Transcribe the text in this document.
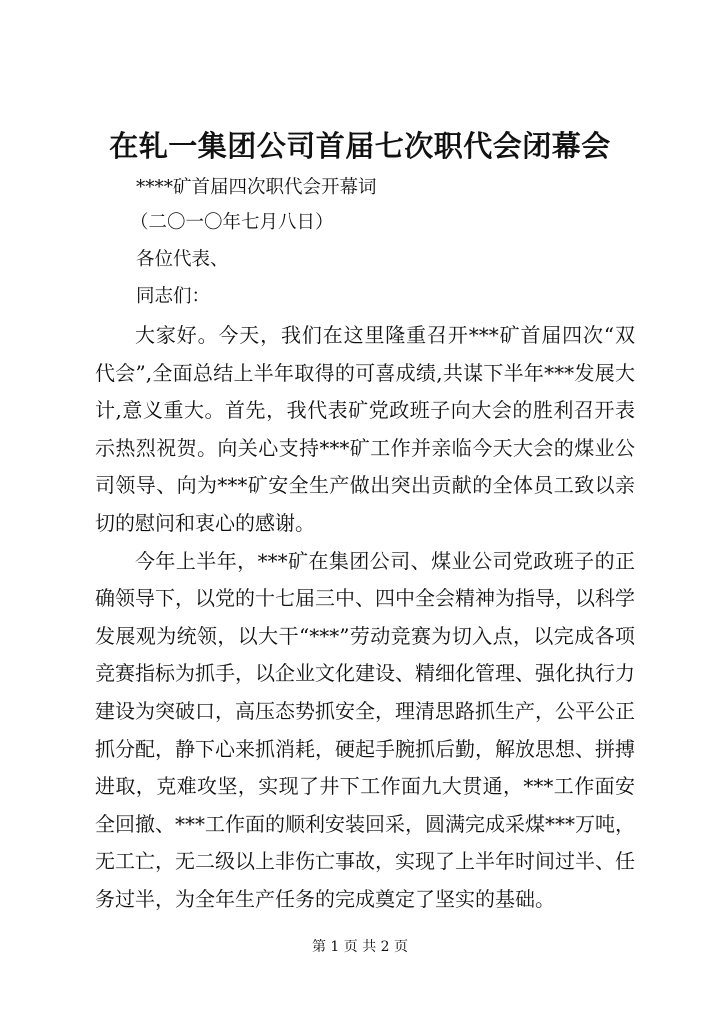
在轧一集团公司首届七次职代会闭幕会
****矿首届四次职代会开幕词
（二〇一〇年七月八日）
各位代表、
同志们：

大家好。今天，我们在这里隆重召开***矿首届四次“双代会”,全面总结上半年取得的可喜成绩,共谋下半年***发展大计,意义重大。首先，我代表矿党政班子向大会的胜利召开表示热烈祝贺。向关心支持***矿工作并亲临今天大会的煤业公司领导、向为***矿安全生产做出突出贡献的全体员工致以亲切的慰问和衷心的感谢。

今年上半年，***矿在集团公司、煤业公司党政班子的正确领导下，以党的十七届三中、四中全会精神为指导，以科学发展观为统领，以大干“***”劳动竞赛为切入点，以完成各项竞赛指标为抓手，以企业文化建设、精细化管理、强化执行力建设为突破口，高压态势抓安全，理清思路抓生产，公平公正抓分配，静下心来抓消耗，硬起手腕抓后勤，解放思想、拼搏进取，克难攻坚，实现了井下工作面九大贯通，***工作面安全回撤、***工作面的顺利安装回采，圆满完成采煤***万吨，无工亡，无二级以上非伤亡事故，实现了上半年时间过半、任务过半，为全年生产任务的完成奠定了坚实的基础。

第 1 页 共 2 页
